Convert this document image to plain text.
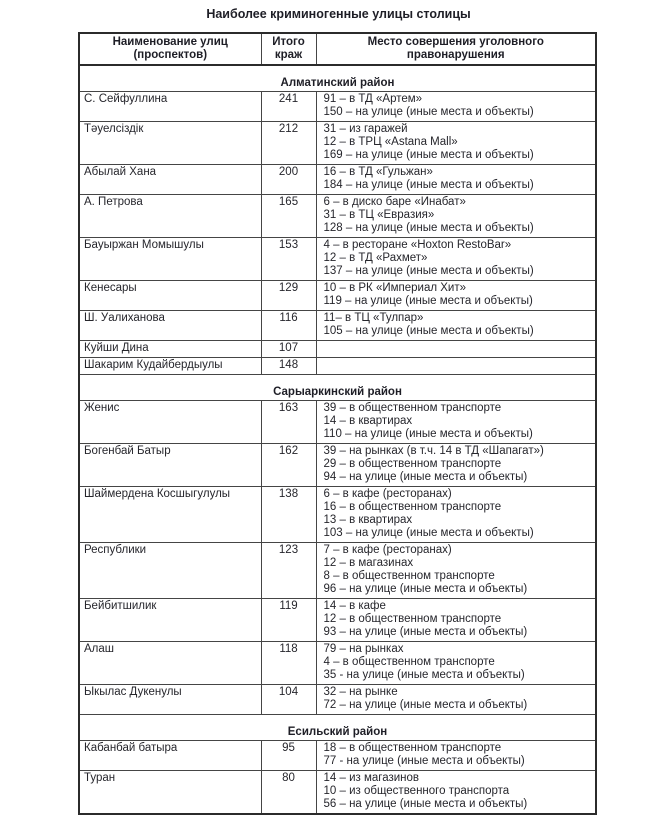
Наиболее криминогенные улицы столицы
Наименование улиц (проспектов)	Итого краж	Место совершения уголовного правонарушения
Алматинский район		
С. Сейфуллина	241	91 – в ТД «Артем»
150 – на улице (иные места и объекты)

Тәуелсіздік	212	31 – из гаражей
12 – в ТРЦ «Astana Mall»
169 – на улице (иные места и объекты)

Абылай Хана	200	16 – в ТД «Гульжан»
184 – на улице (иные места и объекты)

А. Петрова	165	6 – в диско баре «Инабат»
31 – в ТЦ «Евразия»
128 – на улице (иные места и объекты)

Бауыржан Момышулы	153	4 – в ресторане «Hoxton RestoBar»
12 – в ТД «Рахмет»
137 – на улице (иные места и объекты)

Кенесары	129	10 – в РК «Империал Хит»
119 – на улице (иные места и объекты)

Ш. Уалиханова	116	11– в ТЦ «Тулпар»
105 – на улице (иные места и объекты)

Куйши Дина	107	
Шакарим Кудайбердыулы	148	
Сарыаркинский район		
Женис	163	39 – в общественном транспорте
14 – в квартирах
110 – на улице (иные места и объекты)

Богенбай Батыр	162	39 – на рынках (в т.ч. 14 в ТД «Шапагат»)
29 – в общественном транспорте
94 – на улице (иные места и объекты)

Шаймердена Косшыгулулы	138	6 – в кафе (ресторанах)
16 – в общественном транспорте
13 – в квартирах
103 – на улице (иные места и объекты)

Республики	123	7 – в кафе (ресторанах)
12 – в магазинах
8 – в общественном транспорте
96 – на улице (иные места и объекты)

Бейбитшилик	119	14 – в кафе
12 – в общественном транспорте
93 – на улице (иные места и объекты)

Алаш	118	79 – на рынках
4 – в общественном транспорте
35 - на улице (иные места и объекты)

Ыкылас Дукенулы	104	32 – на рынке
72 – на улице (иные места и объекты)

Есильский район		
Кабанбай батыра	95	18 – в общественном транспорте
77 - на улице (иные места и объекты)

Туран	80	14 – из магазинов
10 – из общественного транспорта
56 – на улице (иные места и объекты)
